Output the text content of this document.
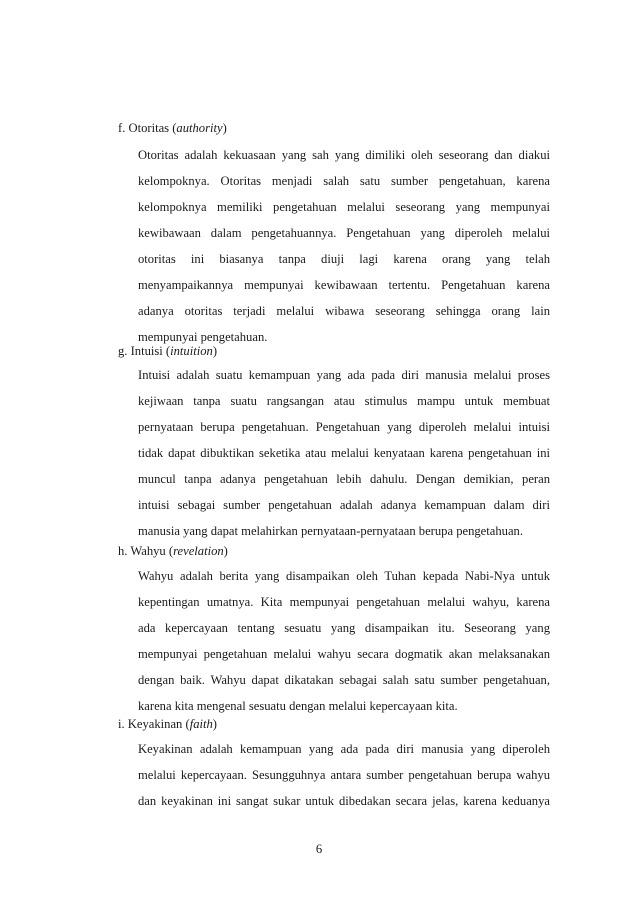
f. Otoritas (authority)
Otoritas adalah kekuasaan yang sah yang dimiliki oleh seseorang dan diakui
kelompoknya. Otoritas menjadi salah satu sumber pengetahuan, karena
kelompoknya memiliki pengetahuan melalui seseorang yang mempunyai
kewibawaan dalam pengetahuannya. Pengetahuan yang diperoleh melalui
otoritas ini biasanya tanpa diuji lagi karena orang yang telah
menyampaikannya mempunyai kewibawaan tertentu. Pengetahuan karena
adanya otoritas terjadi melalui wibawa seseorang sehingga orang lain
mempunyai pengetahuan.
g. Intuisi (intuition)
Intuisi adalah suatu kemampuan yang ada pada diri manusia melalui proses
kejiwaan tanpa suatu rangsangan atau stimulus mampu untuk membuat
pernyataan berupa pengetahuan. Pengetahuan yang diperoleh melalui intuisi
tidak dapat dibuktikan seketika atau melalui kenyataan karena pengetahuan ini
muncul tanpa adanya pengetahuan lebih dahulu. Dengan demikian, peran
intuisi sebagai sumber pengetahuan adalah adanya kemampuan dalam diri
manusia yang dapat melahirkan pernyataan-pernyataan berupa pengetahuan.
h. Wahyu (revelation)
Wahyu adalah berita yang disampaikan oleh Tuhan kepada Nabi-Nya untuk
kepentingan umatnya. Kita mempunyai pengetahuan melalui wahyu, karena
ada kepercayaan tentang sesuatu yang disampaikan itu. Seseorang yang
mempunyai pengetahuan melalui wahyu secara dogmatik akan melaksanakan
dengan baik. Wahyu dapat dikatakan sebagai salah satu sumber pengetahuan,
karena kita mengenal sesuatu dengan melalui kepercayaan kita.
i. Keyakinan (faith)
Keyakinan adalah kemampuan yang ada pada diri manusia yang diperoleh
melalui kepercayaan. Sesungguhnya antara sumber pengetahuan berupa wahyu
dan keyakinan ini sangat sukar untuk dibedakan secara jelas, karena keduanya
6
